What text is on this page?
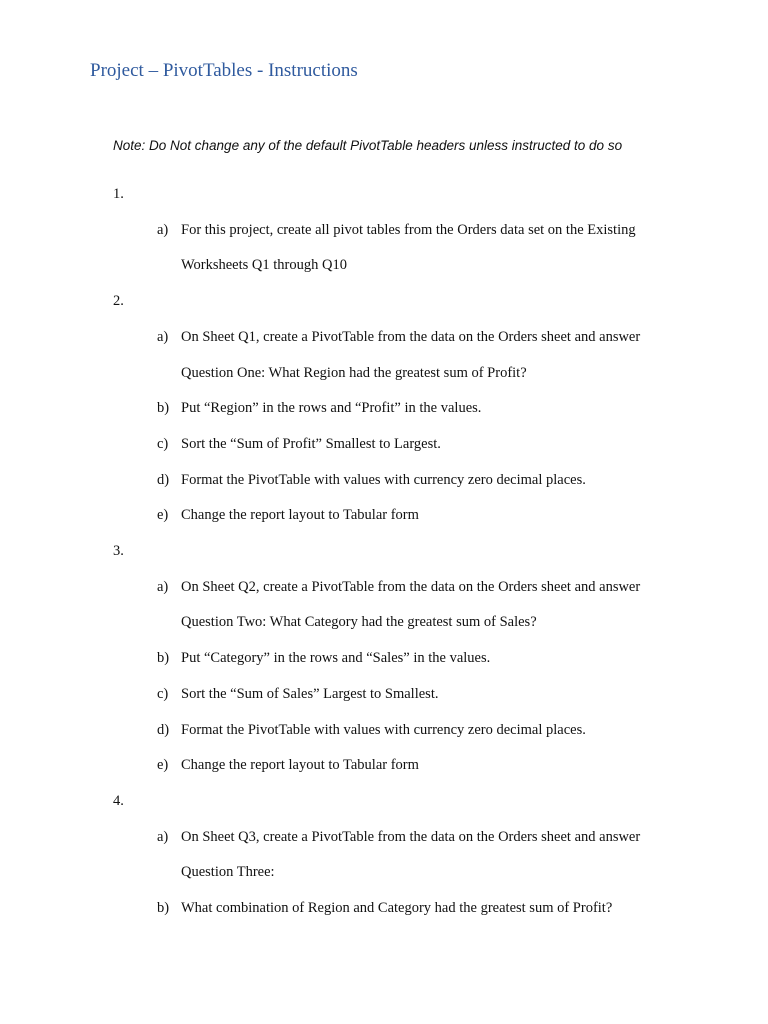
Project – PivotTables - Instructions
Note: Do Not change any of the default PivotTable headers unless instructed to do so
1.
a) For this project, create all pivot tables from the Orders data set on the Existing
Worksheets Q1 through Q10
2.
a) On Sheet Q1, create a PivotTable from the data on the Orders sheet and answer
Question One: What Region had the greatest sum of Profit?
b) Put “Region” in the rows and “Profit” in the values.
c) Sort the “Sum of Profit” Smallest to Largest.
d) Format the PivotTable with values with currency zero decimal places.
e) Change the report layout to Tabular form
3.
a) On Sheet Q2, create a PivotTable from the data on the Orders sheet and answer
Question Two: What Category had the greatest sum of Sales?
b) Put “Category” in the rows and “Sales” in the values.
c) Sort the “Sum of Sales” Largest to Smallest.
d) Format the PivotTable with values with currency zero decimal places.
e) Change the report layout to Tabular form
4.
a) On Sheet Q3, create a PivotTable from the data on the Orders sheet and answer
Question Three:
b) What combination of Region and Category had the greatest sum of Profit?
